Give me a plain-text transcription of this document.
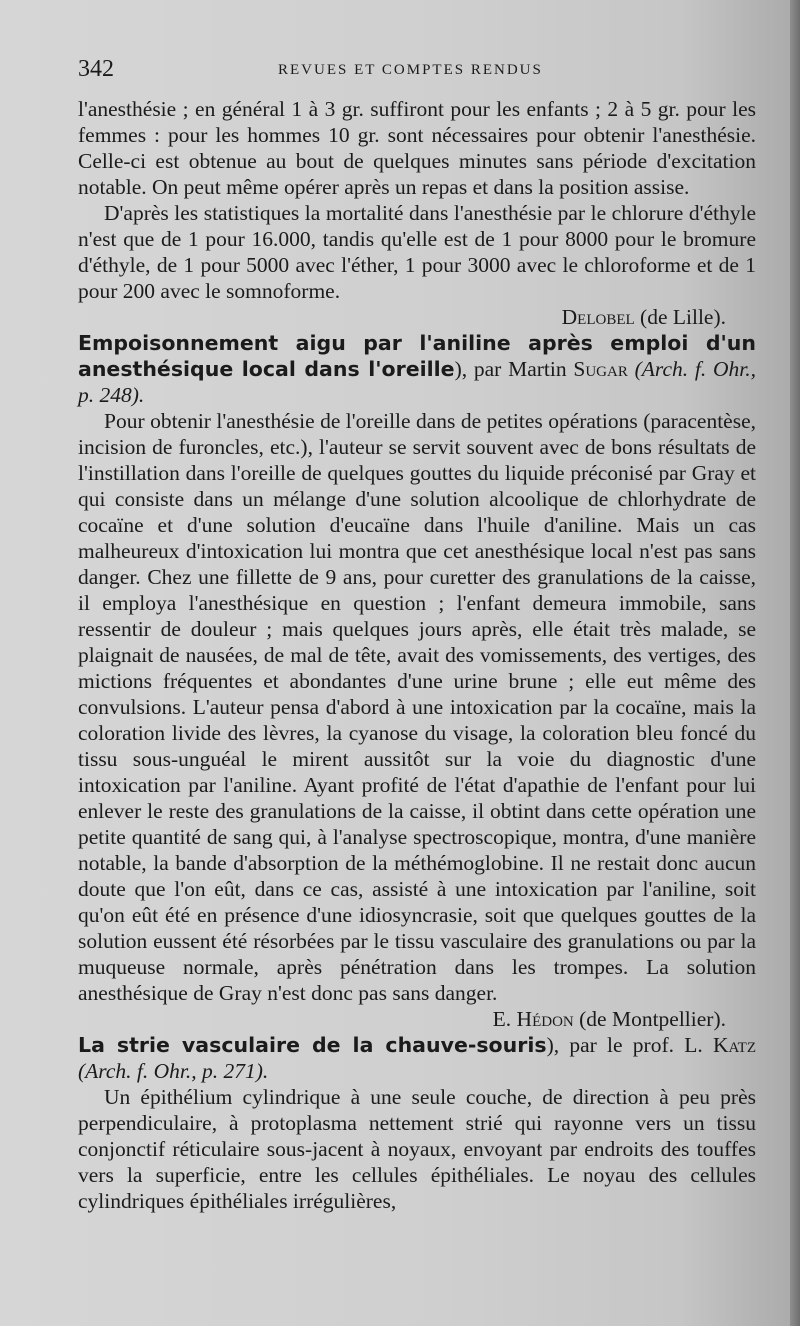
342	REVUES ET COMPTES RENDUS

l'anesthésie ; en général 1 à 3 gr. suffiront pour les enfants ; 2 à 5 gr. pour les femmes : pour les hommes 10 gr. sont nécessaires pour obtenir l'anesthésie. Celle-ci est obtenue au bout de quelques minutes sans période d'excitation notable. On peut même opérer après un repas et dans la position assise.

D'après les statistiques la mortalité dans l'anesthésie par le chlorure d'éthyle n'est que de 1 pour 16.000, tandis qu'elle est de 1 pour 8000 pour le bromure d'éthyle, de 1 pour 5000 avec l'éther, 1 pour 3000 avec le chloroforme et de 1 pour 200 avec le somnoforme.

Delobel (de Lille).

Empoisonnement aigu par l'aniline après emploi d'un anesthésique local dans l'oreille), par Martin Sugar (Arch. f. Ohr., p. 248).

Pour obtenir l'anesthésie de l'oreille dans de petites opérations (paracentèse, incision de furoncles, etc.), l'auteur se servit souvent avec de bons résultats de l'instillation dans l'oreille de quelques gouttes du liquide préconisé par Gray et qui consiste dans un mélange d'une solution alcoolique de chlorhydrate de cocaïne et d'une solution d'eucaïne dans l'huile d'aniline. Mais un cas malheureux d'intoxication lui montra que cet anesthésique local n'est pas sans danger. Chez une fillette de 9 ans, pour curetter des granulations de la caisse, il employa l'anesthésique en question ; l'enfant demeura immobile, sans ressentir de douleur ; mais quelques jours après, elle était très malade, se plaignait de nausées, de mal de tête, avait des vomissements, des vertiges, des mictions fréquentes et abondantes d'une urine brune ; elle eut même des convulsions. L'auteur pensa d'abord à une intoxication par la cocaïne, mais la coloration livide des lèvres, la cyanose du visage, la coloration bleu foncé du tissu sous-unguéal le mirent aussitôt sur la voie du diagnostic d'une intoxication par l'aniline. Ayant profité de l'état d'apathie de l'enfant pour lui enlever le reste des granulations de la caisse, il obtint dans cette opération une petite quantité de sang qui, à l'analyse spectroscopique, montra, d'une manière notable, la bande d'absorption de la méthémoglobine. Il ne restait donc aucun doute que l'on eût, dans ce cas, assisté à une intoxication par l'aniline, soit qu'on eût été en présence d'une idiosyncrasie, soit que quelques gouttes de la solution eussent été résorbées par le tissu vasculaire des granulations ou par la muqueuse normale, après pénétration dans les trompes. La solution anesthésique de Gray n'est donc pas sans danger.

E. Hédon (de Montpellier).

La strie vasculaire de la chauve-souris), par le prof. L. Katz (Arch. f. Ohr., p. 271).

Un épithélium cylindrique à une seule couche, de direction à peu près perpendiculaire, à protoplasma nettement strié qui rayonne vers un tissu conjonctif réticulaire sous-jacent à noyaux, envoyant par endroits des touffes vers la superficie, entre les cellules épithéliales. Le noyau des cellules cylindriques épithéliales irrégulières,
